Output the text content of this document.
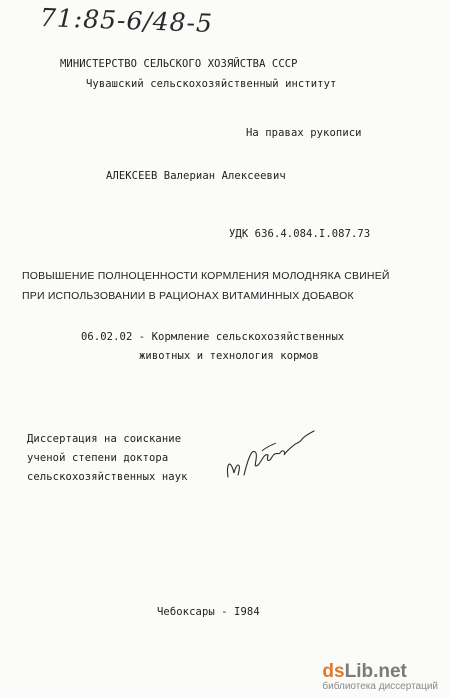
71:85-6/48-5
МИНИСТЕРСТВО СЕЛЬСКОГО ХОЗЯЙСТВА СССР
Чувашский сельскохозяйственный институт
На правах рукописи
АЛЕКСЕЕВ Валериан Алексеевич
УДК 636.4.084.I.087.73
ПОВЫШЕНИЕ ПОЛНОЦЕННОСТИ КОРМЛЕНИЯ МОЛОДНЯКА СВИНЕЙ
ПРИ ИСПОЛЬЗОВАНИИ В РАЦИОНАХ ВИТАМИННЫХ ДОБАВОК
06.02.02 - Кормление сельскохозяйственных
животных и технология кормов
Диссертация на соискание
ученой степени доктора
сельскохозяйственных наук
Чебоксары - I984
dsLib.net
библиотека диссертаций
